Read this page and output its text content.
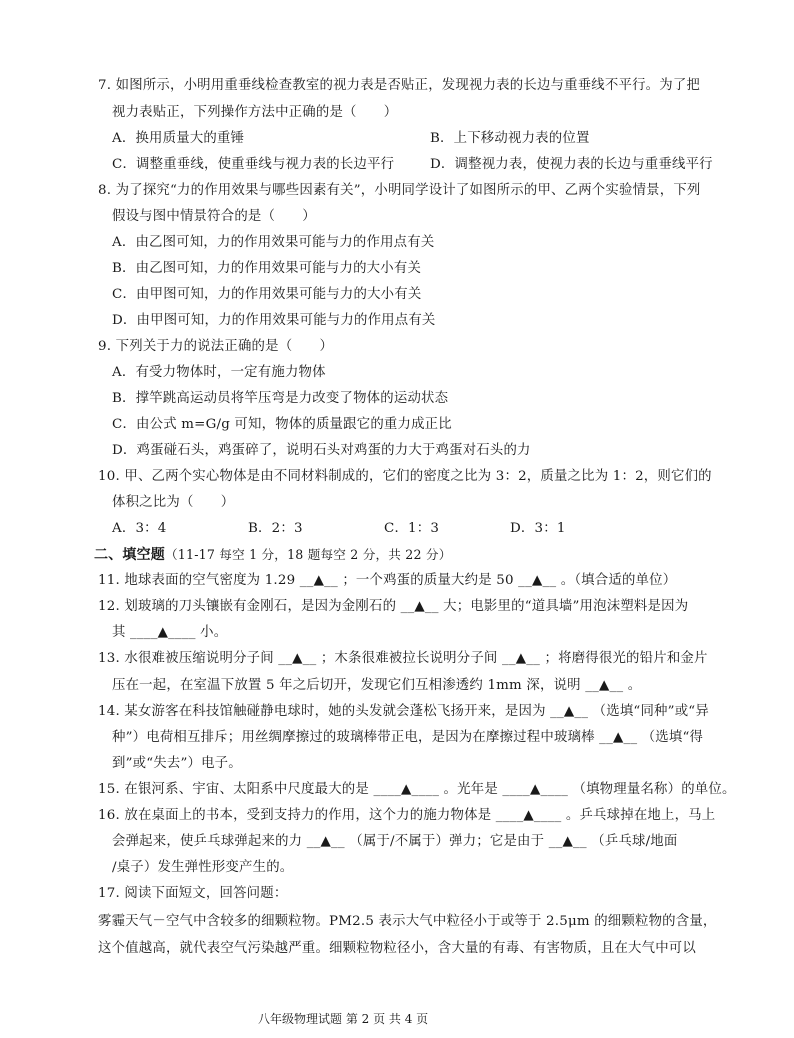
7. 如图所示，小明用重垂线检查教室的视力表是否贴正，发现视力表的长边与重垂线不平行。为了把
视力表贴正，下列操作方法中正确的是（　　）
A．换用质量大的重锤	B．上下移动视力表的位置
C．调整重垂线，使重垂线与视力表的长边平行	D．调整视力表，使视力表的长边与重垂线平行
8. 为了探究“力的作用效果与哪些因素有关”，小明同学设计了如图所示的甲、乙两个实验情景，下列
假设与图中情景符合的是（　　）
A．由乙图可知，力的作用效果可能与力的作用点有关
B．由乙图可知，力的作用效果可能与力的大小有关
C．由甲图可知，力的作用效果可能与力的大小有关
D．由甲图可知，力的作用效果可能与力的作用点有关
9. 下列关于力的说法正确的是（　　）
A．有受力物体时，一定有施力物体
B．撑竿跳高运动员将竿压弯是力改变了物体的运动状态
C．由公式 m=G/g 可知，物体的质量跟它的重力成正比
D．鸡蛋碰石头，鸡蛋碎了，说明石头对鸡蛋的力大于鸡蛋对石头的力
10. 甲、乙两个实心物体是由不同材料制成的，它们的密度之比为 3：2，质量之比为 1：2，则它们的
体积之比为（　　）
A．3：4	B．2：3	C．1：3	D．3：1
11. 地球表面的空气密度为 1.29 __▲__ ；一个鸡蛋的质量大约是 50 __▲__ 。（填合适的单位）
12. 划玻璃的刀头镶嵌有金刚石，是因为金刚石的 __▲__ 大；电影里的“道具墙”用泡沫塑料是因为
其 ____▲____ 小。
13. 水很难被压缩说明分子间 __▲__ ；木条很难被拉长说明分子间 __▲__ ；将磨得很光的铅片和金片
压在一起，在室温下放置 5 年之后切开，发现它们互相渗透约 1mm 深，说明 __▲__ 。
14. 某女游客在科技馆触碰静电球时，她的头发就会蓬松飞扬开来，是因为 __▲__ （选填“同种”或“异
种”）电荷相互排斥；用丝绸摩擦过的玻璃棒带正电，是因为在摩擦过程中玻璃棒 __▲__ （选填“得
到”或“失去”）电子。
15. 在银河系、宇宙、太阳系中尺度最大的是 ____▲____ 。光年是 ____▲____ （填物理量名称）的单位。
16. 放在桌面上的书本，受到支持力的作用，这个力的施力物体是 ____▲____ 。乒乓球掉在地上，马上
会弹起来，使乒乓球弹起来的力 __▲__ （属于/不属于）弹力；它是由于 __▲__ （乒乓球/地面
/桌子）发生弹性形变产生的。
17. 阅读下面短文，回答问题：
雾霾天气－空气中含较多的细颗粒物。PM2.5 表示大气中粒径小于或等于 2.5μm 的细颗粒物的含量，
这个值越高，就代表空气污染越严重。细颗粒物粒径小，含大量的有毒、有害物质，且在大气中可以
二、填空题（11-17 每空 1 分，18 题每空 2 分，共 22 分）
八年级物理试题 第 2 页 共 4 页
